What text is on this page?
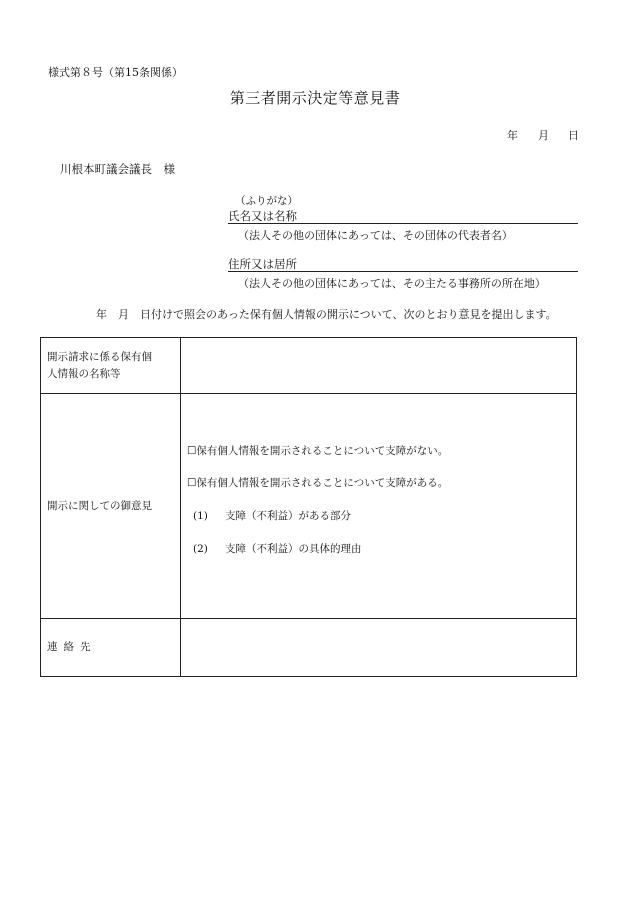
様式第８号（第15条関係）
第三者開示決定等意見書
年 月 日
川根本町議会議長　様
（ふりがな）
氏名又は名称
（法人その他の団体にあっては、その団体の代表者名）
住所又は居所
（法人その他の団体にあっては、その主たる事務所の所在地）
年　月　日付けで照会のあった保有個人情報の開示について、次のとおり意見を提出します。
開示請求に係る保有個
人情報の名称等	

開示に関しての御意見	☐保有個人情報を開示されることについて支障がない。
☐保有個人情報を開示されることについて支障がある。
(1) 支障（不利益）がある部分
(2) 支障（不利益）の具体的理由

連 絡 先	
